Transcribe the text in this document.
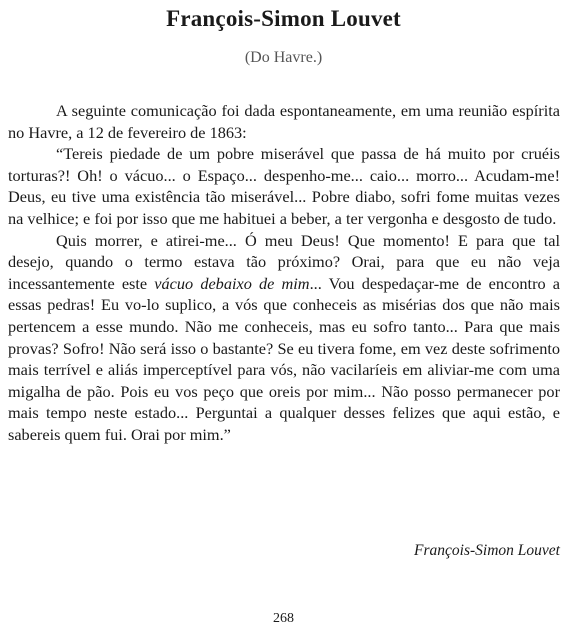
François-Simon Louvet

(Do Havre.)

A seguinte comunicação foi dada espontaneamente, em uma reunião espírita no Havre, a 12 de fevereiro de 1863:

“Tereis piedade de um pobre miserável que passa de há muito por cruéis torturas?! Oh! o vácuo... o Espaço... despenho-me... caio... morro... Acudam-me! Deus, eu tive uma existência tão miserável... Pobre diabo, sofri fome muitas vezes na velhice; e foi por isso que me habituei a beber, a ter vergonha e desgosto de tudo.

Quis morrer, e atirei-me... Ó meu Deus! Que momento! E para que tal desejo, quando o termo estava tão próximo? Orai, para que eu não veja incessantemente este vácuo debaixo de mim... Vou despedaçar-me de encontro a essas pedras! Eu vo-lo suplico, a vós que conheceis as misérias dos que não mais pertencem a esse mundo. Não me conheceis, mas eu sofro tanto... Para que mais provas? Sofro! Não será isso o bastante? Se eu tivera fome, em vez deste sofrimento mais terrível e aliás imperceptível para vós, não vacilaríeis em aliviar-me com uma migalha de pão. Pois eu vos peço que oreis por mim... Não posso permanecer por mais tempo neste estado... Perguntai a qualquer desses felizes que aqui estão, e sabereis quem fui. Orai por mim.”

François-Simon Louvet

268
